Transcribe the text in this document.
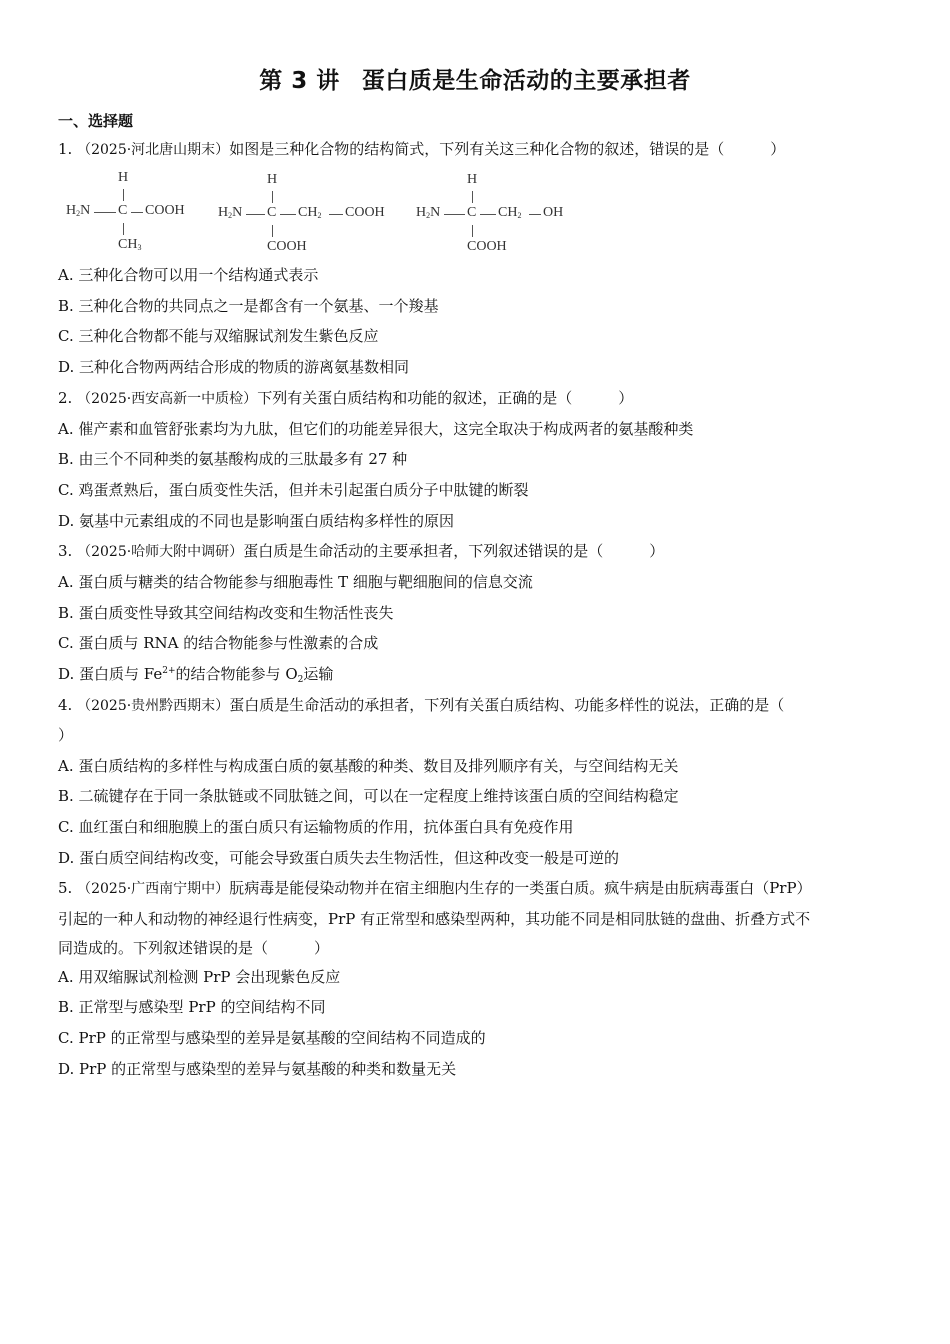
第 3 讲 蛋白质是生命活动的主要承担者
一、选择题
1. （2025·河北唐山期末）如图是三种化合物的结构简式，下列有关这三种化合物的叙述，错误的是（	）
H
$H_2N$ C COOH
$CH_3$
H
$H_2N$ C $CH_2$ COOH
COOH
H
$H_2N$ C $CH_2$ OH
COOH
A. 三种化合物可以用一个结构通式表示
B. 三种化合物的共同点之一是都含有一个氨基、一个羧基
C. 三种化合物都不能与双缩脲试剂发生紫色反应
D. 三种化合物两两结合形成的物质的游离氨基数相同
2. （2025·西安高新一中质检）下列有关蛋白质结构和功能的叙述，正确的是（	）
A. 催产素和血管舒张素均为九肽，但它们的功能差异很大，这完全取决于构成两者的氨基酸种类
B. 由三个不同种类的氨基酸构成的三肽最多有 27 种
C. 鸡蛋煮熟后，蛋白质变性失活，但并未引起蛋白质分子中肽键的断裂
D. 氨基中元素组成的不同也是影响蛋白质结构多样性的原因
3. （2025·哈师大附中调研）蛋白质是生命活动的主要承担者，下列叙述错误的是（	）
A. 蛋白质与糖类的结合物能参与细胞毒性 T 细胞与靶细胞间的信息交流
B. 蛋白质变性导致其空间结构改变和生物活性丧失
C. 蛋白质与 RNA 的结合物能参与性激素的合成
D. 蛋白质与 $Fe^{2+}$的结合物能参与 $O_2$运输
4. （2025·贵州黔西期末）蛋白质是生命活动的承担者，下列有关蛋白质结构、功能多样性的说法，正确的是（
）
A. 蛋白质结构的多样性与构成蛋白质的氨基酸的种类、数目及排列顺序有关，与空间结构无关
B. 二硫键存在于同一条肽链或不同肽链之间，可以在一定程度上维持该蛋白质的空间结构稳定
C. 血红蛋白和细胞膜上的蛋白质只有运输物质的作用，抗体蛋白具有免疫作用
D. 蛋白质空间结构改变，可能会导致蛋白质失去生物活性，但这种改变一般是可逆的
5. （2025·广西南宁期中）朊病毒是能侵染动物并在宿主细胞内生存的一类蛋白质。疯牛病是由朊病毒蛋白（PrP）
引起的一种人和动物的神经退行性病变，PrP 有正常型和感染型两种，其功能不同是相同肽链的盘曲、折叠方式不
同造成的。下列叙述错误的是（	）
A. 用双缩脲试剂检测 PrP 会出现紫色反应
B. 正常型与感染型 PrP 的空间结构不同
C. PrP 的正常型与感染型的差异是氨基酸的空间结构不同造成的
D. PrP 的正常型与感染型的差异与氨基酸的种类和数量无关
